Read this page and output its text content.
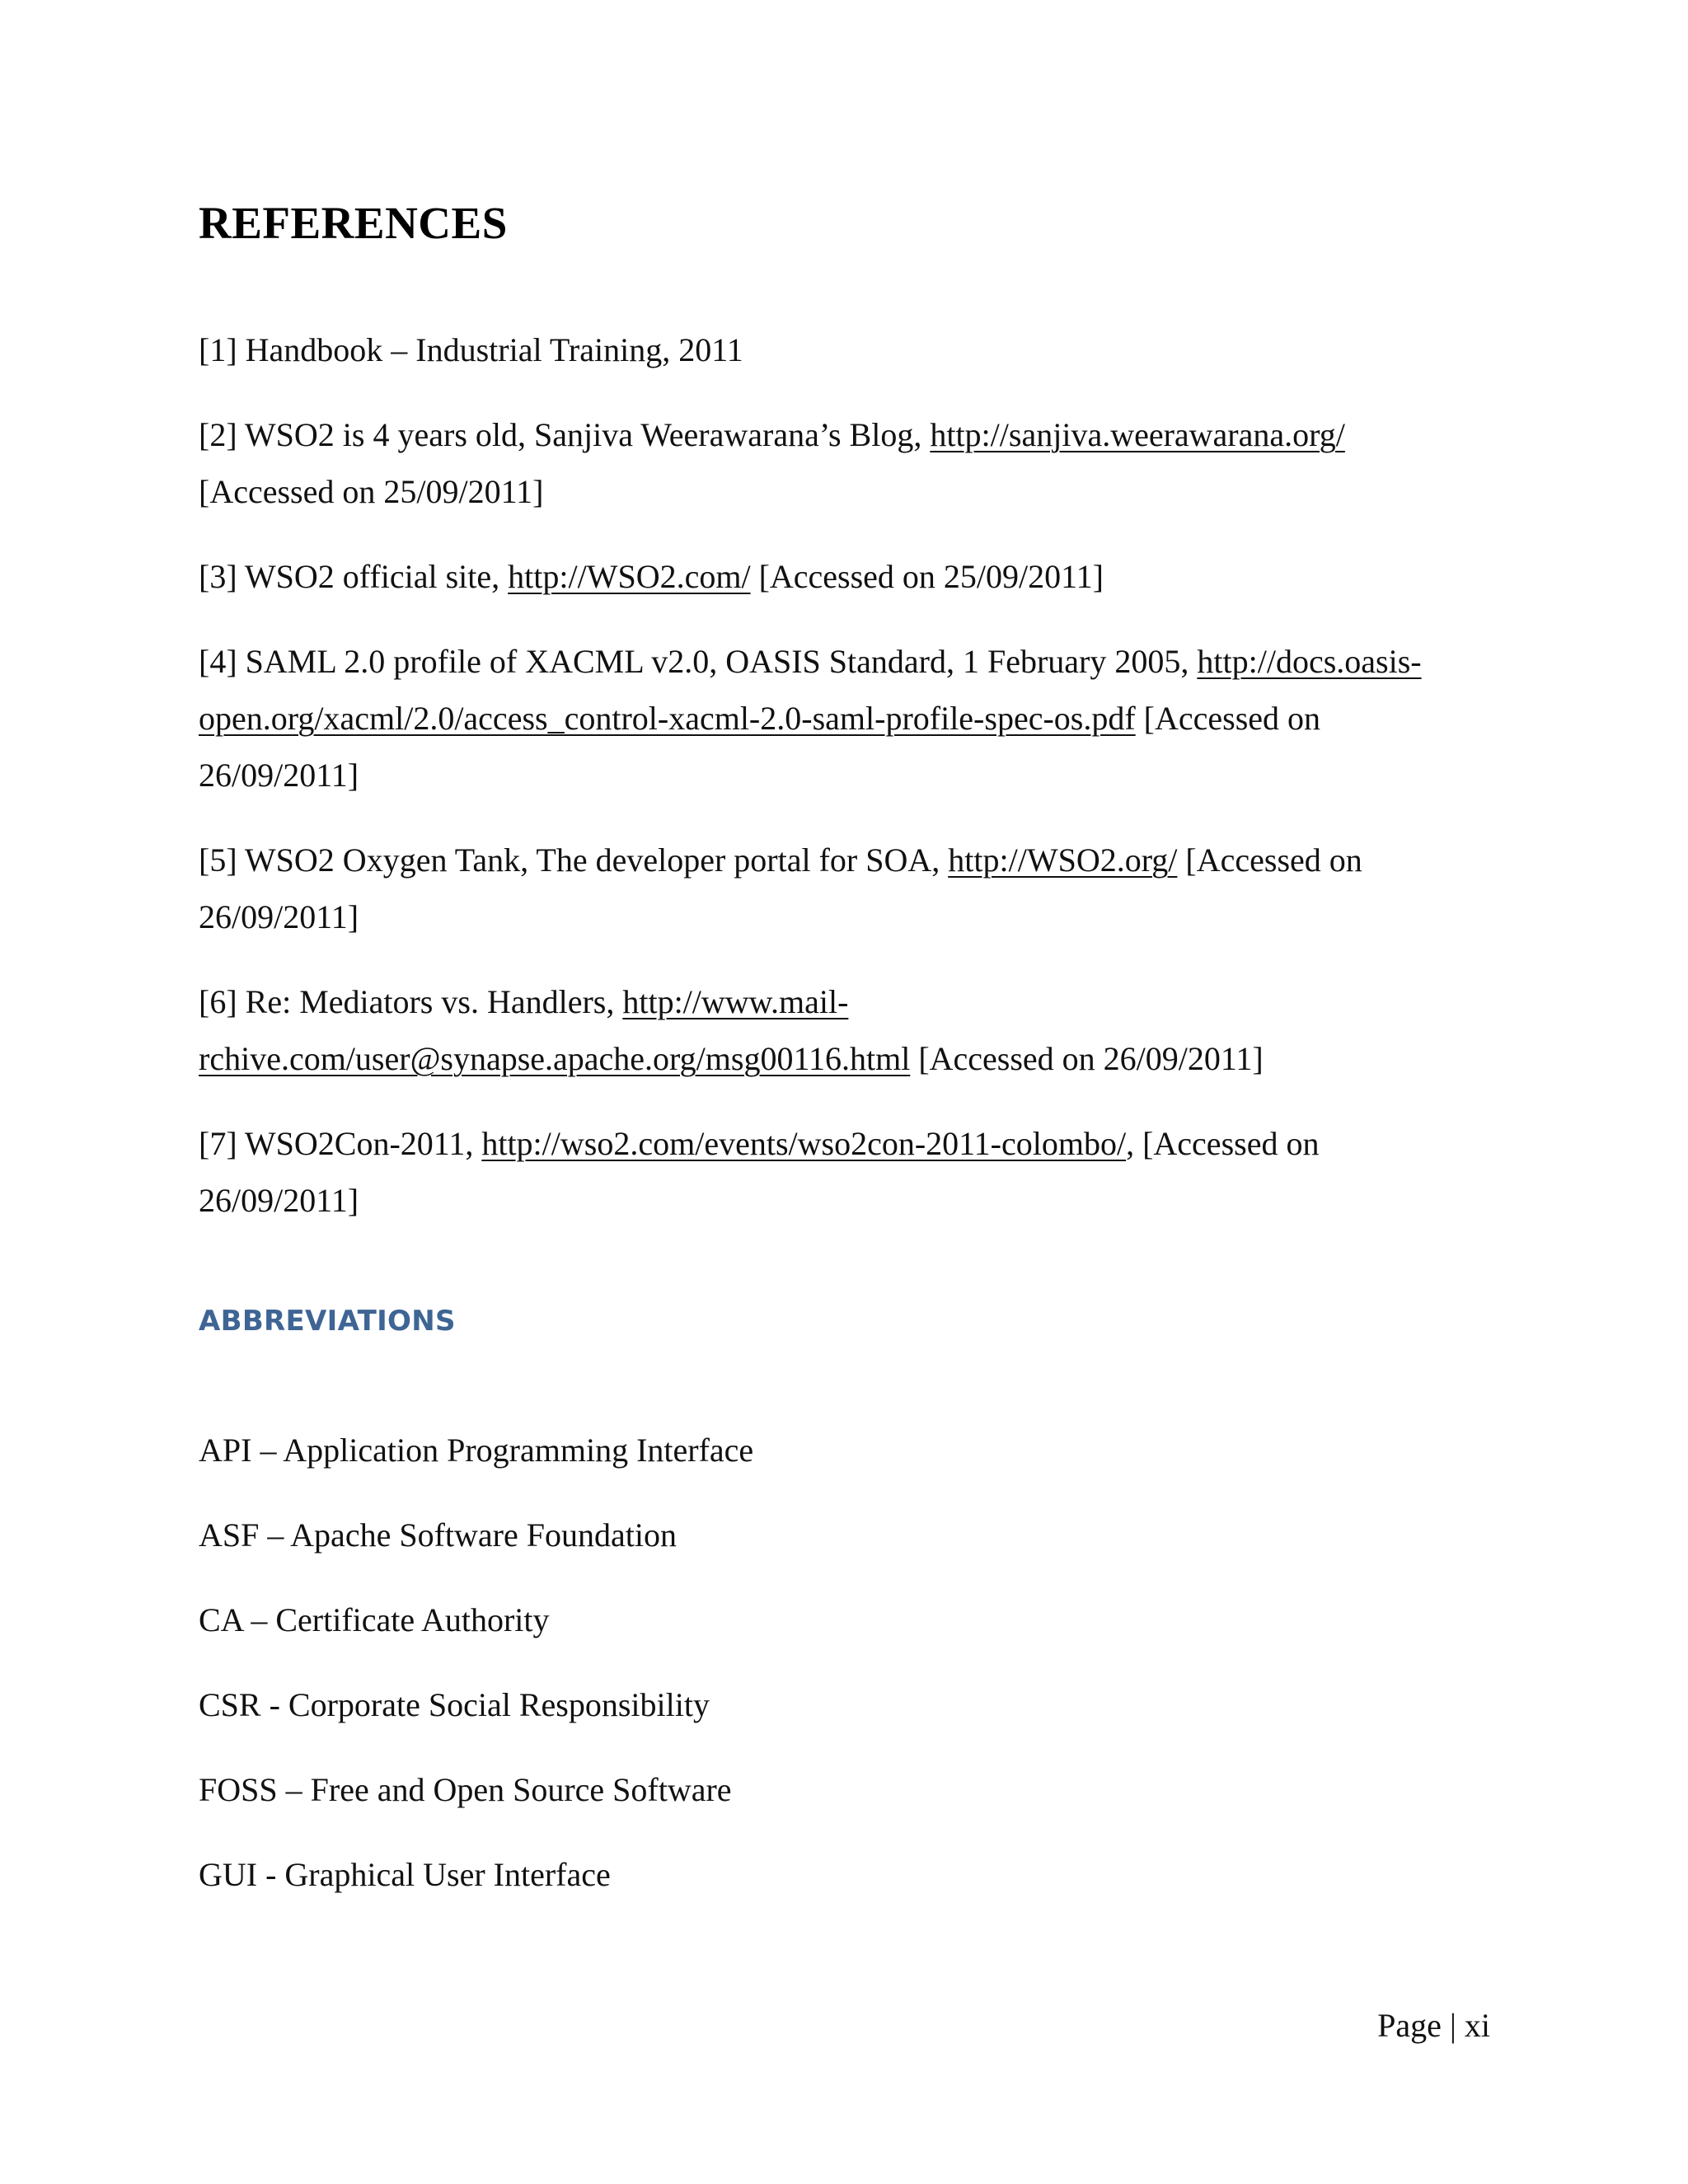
REFERENCES
[1] Handbook – Industrial Training, 2011
[2] WSO2 is 4 years old, Sanjiva Weerawarana’s Blog, http://sanjiva.weerawarana.org/ [Accessed on 25/09/2011]
[3] WSO2 official site, http://WSO2.com/ [Accessed on 25/09/2011]
[4] SAML 2.0 profile of XACML v2.0, OASIS Standard, 1 February 2005, http://docs.oasis-open.org/xacml/2.0/access_control-xacml-2.0-saml-profile-spec-os.pdf [Accessed on 26/09/2011]
[5] WSO2 Oxygen Tank, The developer portal for SOA, http://WSO2.org/ [Accessed on 26/09/2011]
[6] Re: Mediators vs. Handlers, http://www.mail-rchive.com/user@synapse.apache.org/msg00116.html [Accessed on 26/09/2011]
[7] WSO2Con-2011, http://wso2.com/events/wso2con-2011-colombo/, [Accessed on 26/09/2011]
ABBREVIATIONS
API – Application Programming Interface
ASF – Apache Software Foundation
CA – Certificate Authority
CSR - Corporate Social Responsibility
FOSS – Free and Open Source Software
GUI - Graphical User Interface
Page | xi
